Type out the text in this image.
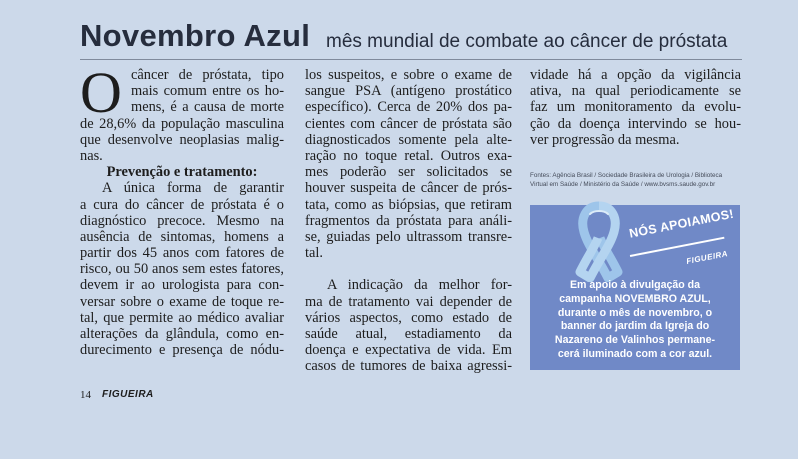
Novembro Azul mês mundial de combate ao câncer de próstata
O câncer de próstata, tipo
mais comum entre os ho-
mens, é a causa de morte
de 28,6% da população masculina
que desenvolve neoplasias malig-
nas.
Prevenção e tratamento:
A única forma de garantir
a cura do câncer de próstata é o
diagnóstico precoce. Mesmo na
ausência de sintomas, homens a
partir dos 45 anos com fatores de
risco, ou 50 anos sem estes fatores,
devem ir ao urologista para con-
versar sobre o exame de toque re-
tal, que permite ao médico avaliar
alterações da glândula, como en-
durecimento e presença de nódu-
los suspeitos, e sobre o exame de
sangue PSA (antígeno prostático
específico). Cerca de 20% dos pa-
cientes com câncer de próstata são
diagnosticados somente pela alte-
ração no toque retal. Outros exa-
mes poderão ser solicitados se
houver suspeita de câncer de prós-
tata, como as biópsias, que retiram
fragmentos da próstata para análi-
se, guiadas pelo ultrassom transre-
tal.
A indicação da melhor for-
ma de tratamento vai depender de
vários aspectos, como estado de
saúde atual, estadiamento da
doença e expectativa de vida. Em
casos de tumores de baixa agressi-
vidade há a opção da vigilância
ativa, na qual periodicamente se
faz um monitoramento da evolu-
ção da doença intervindo se hou-
ver progressão da mesma.
Fontes: Agência Brasil / Sociedade Brasileira de Urologia / Biblioteca
Virtual em Saúde / Ministério da Saúde / www.bvsms.saude.gov.br
NÓS APOIAMOS!
FIGUEIRA
Em apoio à divulgação da
campanha NOVEMBRO AZUL,
durante o mês de novembro, o
banner do jardim da Igreja do
Nazareno de Valinhos permane-
cerá iluminado com a cor azul.
14 FIGUEIRA
